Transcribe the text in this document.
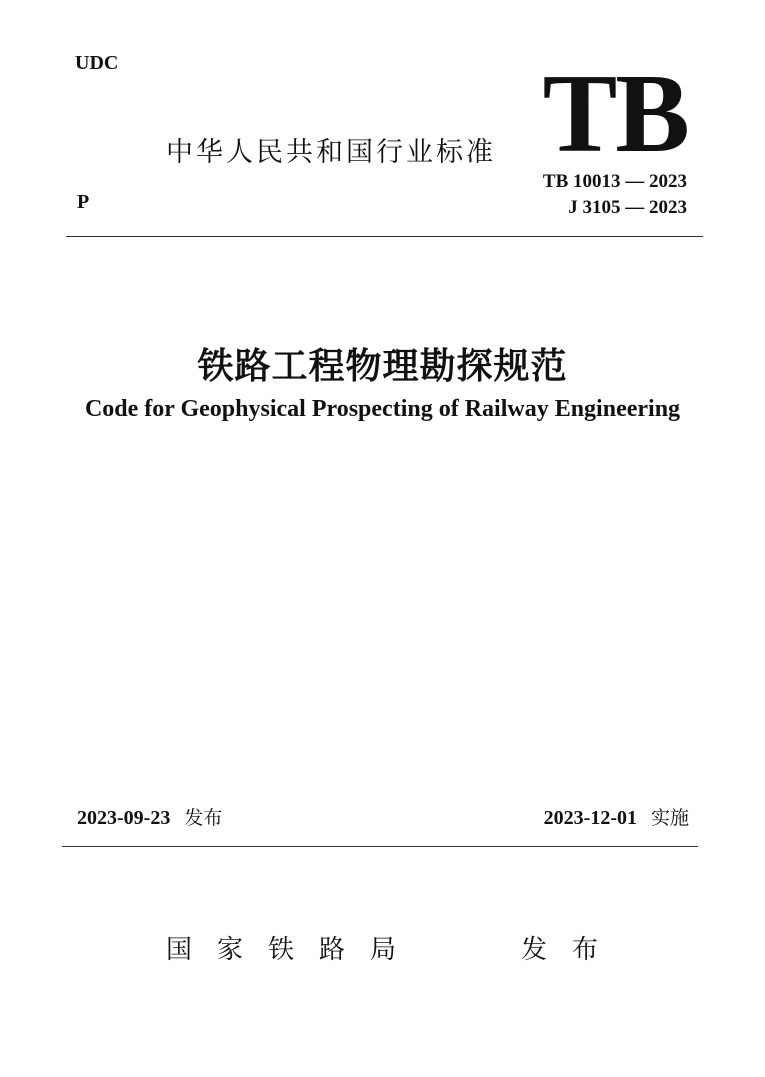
UDC
中华人民共和国行业标准 TB
TB 10013 — 2023
J 3105 — 2023
P
铁路工程物理勘探规范
Code for Geophysical Prospecting of Railway Engineering
2023-09-23 发布	2023-12-01 实施
国家铁路局	发布
